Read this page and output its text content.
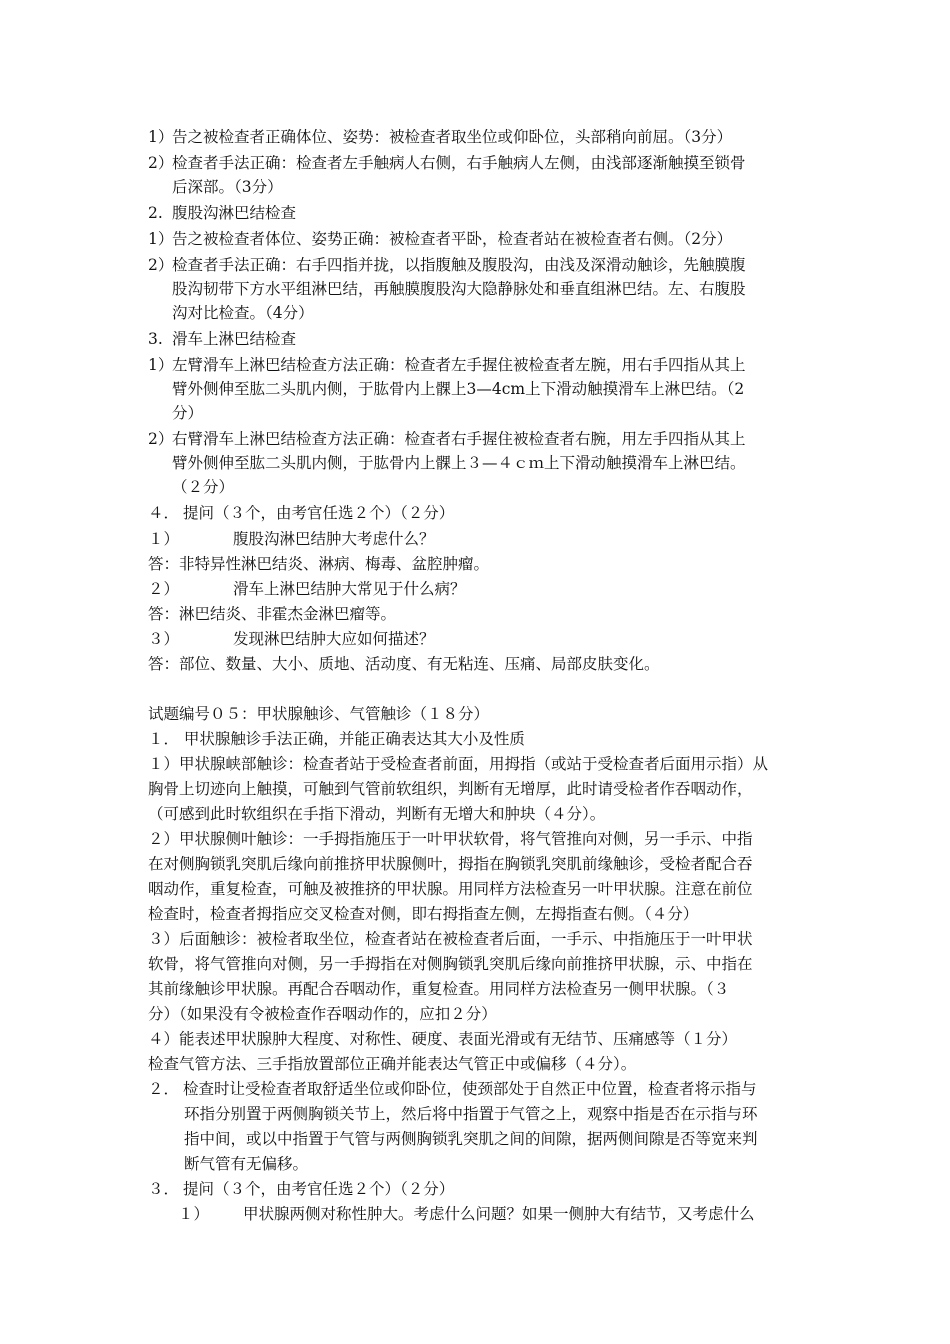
1）告之被检查者正确体位、姿势：被检查者取坐位或仰卧位，头部稍向前屈。（3分）
2）检查者手法正确：检查者左手触病人右侧，右手触病人左侧，由浅部逐渐触摸至锁骨
后深部。（3分）
2. 腹股沟淋巴结检查
1）告之被检查者体位、姿势正确：被检查者平卧，检查者站在被检查者右侧。（2分）
2）检查者手法正确：右手四指并拢，以指腹触及腹股沟，由浅及深滑动触诊，先触膜腹
股沟韧带下方水平组淋巴结，再触膜腹股沟大隐静脉处和垂直组淋巴结。左、右腹股
沟对比检查。（4分）
3. 滑车上淋巴结检查
1）左臂滑车上淋巴结检查方法正确：检查者左手握住被检查者左腕，用右手四指从其上
臂外侧伸至肱二头肌内侧，于肱骨内上髁上3—4cm上下滑动触摸滑车上淋巴结。（2
分）
2）右臂滑车上淋巴结检查方法正确：检查者右手握住被检查者右腕，用左手四指从其上
臂外侧伸至肱二头肌内侧，于肱骨内上髁上３—４ｃｍ上下滑动触摸滑车上淋巴结。
（２分）
４． 提问（３个，由考官任选２个）（２分）
１）	腹股沟淋巴结肿大考虑什么？
答：非特异性淋巴结炎、淋病、梅毒、盆腔肿瘤。
２）	滑车上淋巴结肿大常见于什么病？
答：淋巴结炎、非霍杰金淋巴瘤等。
３）	发现淋巴结肿大应如何描述？
答：部位、数量、大小、质地、活动度、有无粘连、压痛、局部皮肤变化。
试题编号０５：甲状腺触诊、气管触诊（１８分）
１． 甲状腺触诊手法正确，并能正确表达其大小及性质
１）甲状腺峡部触诊：检查者站于受检查者前面，用拇指（或站于受检查者后面用示指）从
胸骨上切迹向上触摸，可触到气管前软组织，判断有无增厚，此时请受检者作吞咽动作，
（可感到此时软组织在手指下滑动，判断有无增大和肿块（４分）。
２）甲状腺侧叶触诊：一手拇指施压于一叶甲状软骨，将气管推向对侧，另一手示、中指
在对侧胸锁乳突肌后缘向前推挤甲状腺侧叶，拇指在胸锁乳突肌前缘触诊，受检者配合吞
咽动作，重复检查，可触及被推挤的甲状腺。用同样方法检查另一叶甲状腺。注意在前位
检查时，检查者拇指应交叉检查对侧，即右拇指查左侧，左拇指查右侧。（４分）
３）后面触诊：被检者取坐位，检查者站在被检查者后面，一手示、中指施压于一叶甲状
软骨，将气管推向对侧，另一手拇指在对侧胸锁乳突肌后缘向前推挤甲状腺，示、中指在
其前缘触诊甲状腺。再配合吞咽动作，重复检查。用同样方法检查另一侧甲状腺。（３
分）（如果没有令被检查作吞咽动作的，应扣２分）
４）能表述甲状腺肿大程度、对称性、硬度、表面光滑或有无结节、压痛感等（１分）
检查气管方法、三手指放置部位正确并能表达气管正中或偏移（４分）。
２． 检查时让受检查者取舒适坐位或仰卧位，使颈部处于自然正中位置，检查者将示指与
环指分别置于两侧胸锁关节上，然后将中指置于气管之上，观察中指是否在示指与环
指中间，或以中指置于气管与两侧胸锁乳突肌之间的间隙，据两侧间隙是否等宽来判
断气管有无偏移。
３． 提问（３个，由考官任选２个）（２分）
１） 甲状腺两侧对称性肿大。考虑什么问题？如果一侧肿大有结节，又考虑什么
